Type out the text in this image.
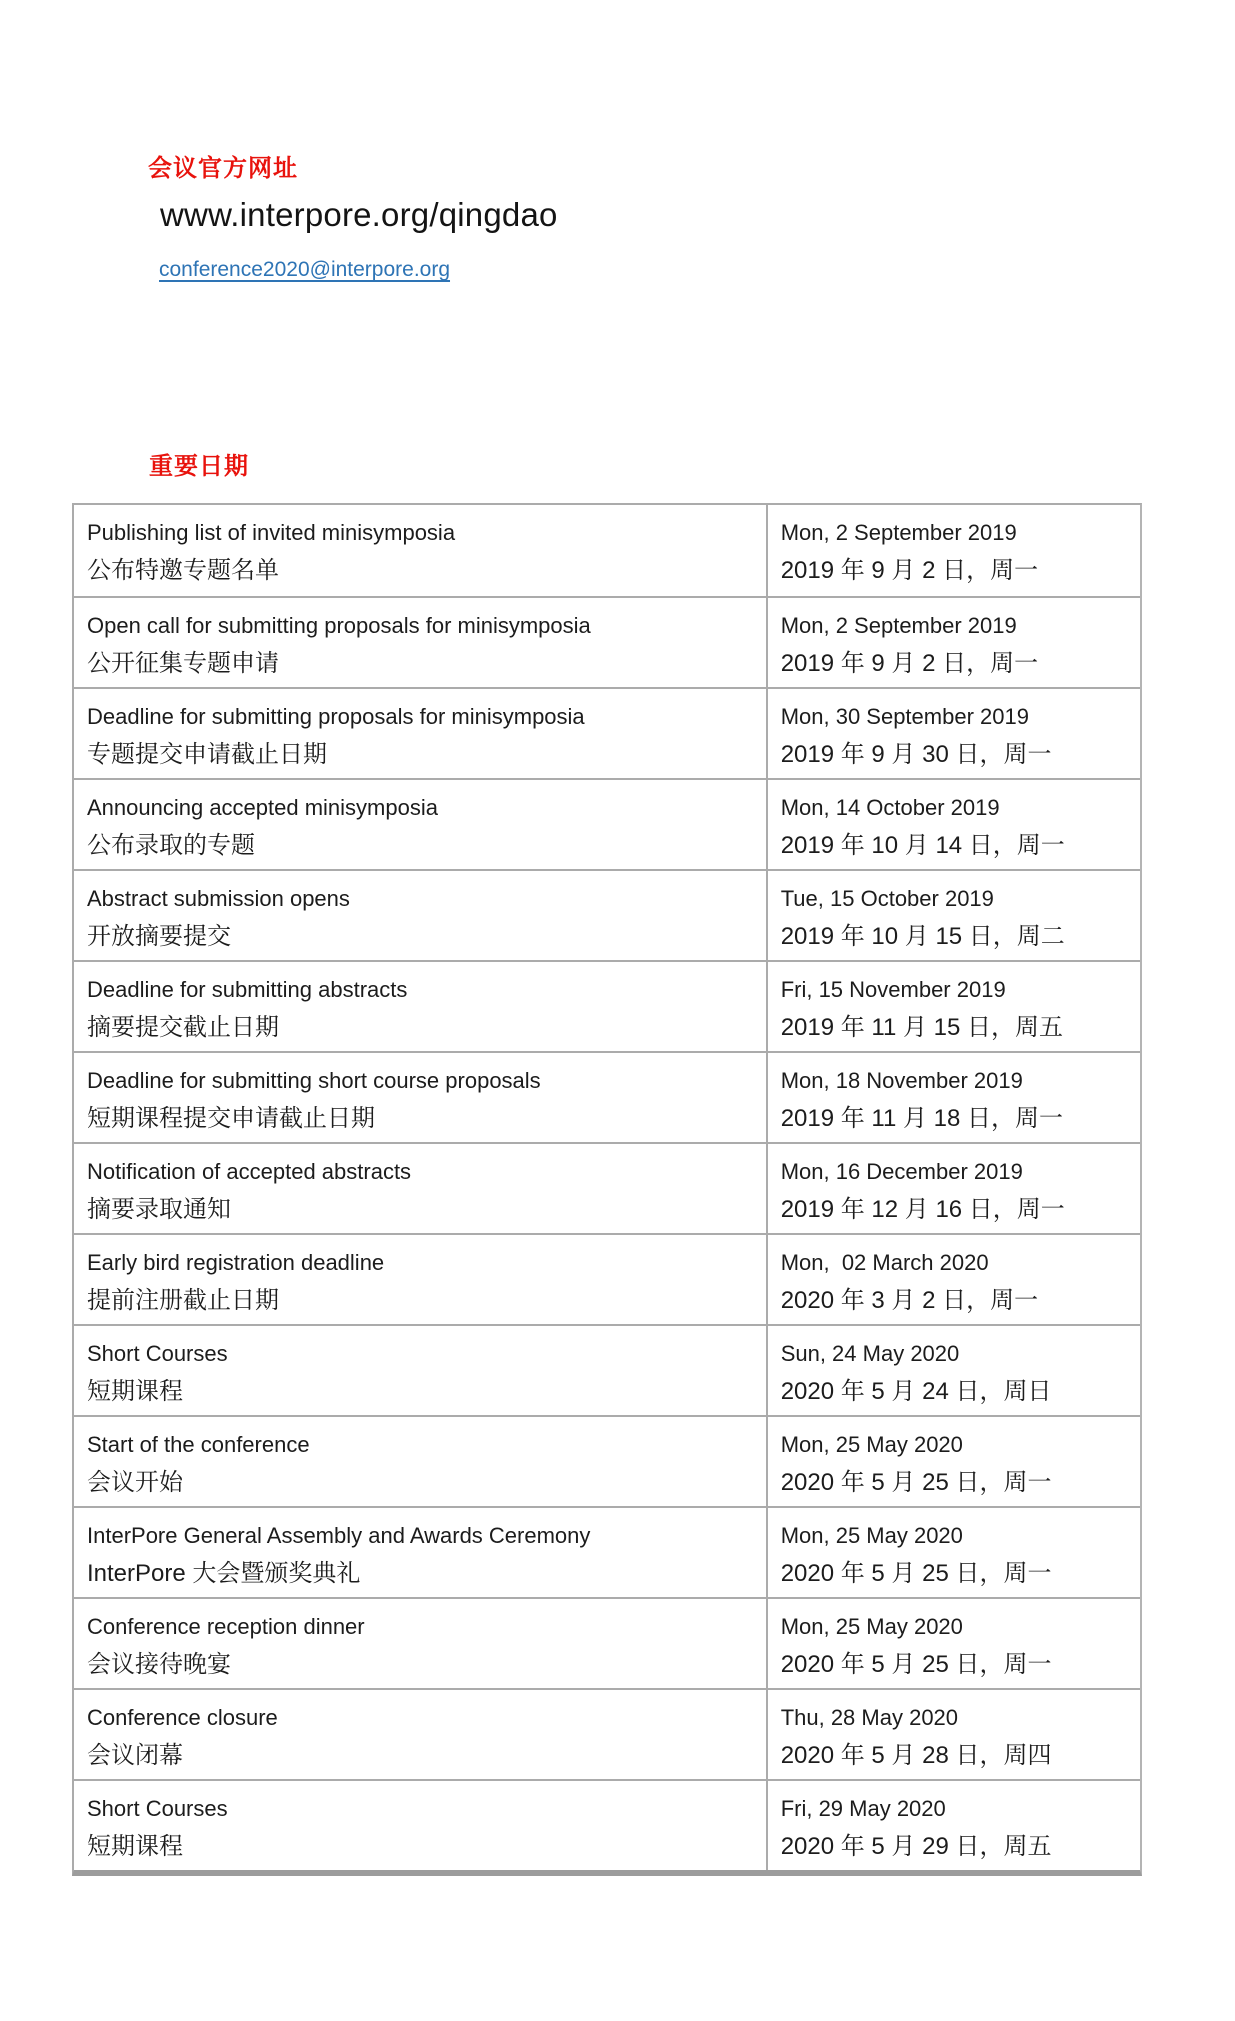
会议官方网址
www.interpore.org/qingdao
conference2020@interpore.org
重要日期
Publishing list of invited minisymposia
公布特邀专题名单
Mon, 2 September 2019
2019 年 9 月 2 日，周一
Open call for submitting proposals for minisymposia
公开征集专题申请
Mon, 2 September 2019
2019 年 9 月 2 日，周一
Deadline for submitting proposals for minisymposia
专题提交申请截止日期
Mon, 30 September 2019
2019 年 9 月 30 日，周一
Announcing accepted minisymposia
公布录取的专题
Mon, 14 October 2019
2019 年 10 月 14 日，周一
Abstract submission opens
开放摘要提交
Tue, 15 October 2019
2019 年 10 月 15 日，周二
Deadline for submitting abstracts
摘要提交截止日期
Fri, 15 November 2019
2019 年 11 月 15 日，周五
Deadline for submitting short course proposals
短期课程提交申请截止日期
Mon, 18 November 2019
2019 年 11 月 18 日，周一
Notification of accepted abstracts
摘要录取通知
Mon, 16 December 2019
2019 年 12 月 16 日，周一
Early bird registration deadline
提前注册截止日期
Mon,  02 March 2020
2020 年 3 月 2 日，周一
Short Courses
短期课程
Sun, 24 May 2020
2020 年 5 月 24 日，周日
Start of the conference
会议开始
Mon, 25 May 2020
2020 年 5 月 25 日，周一
InterPore General Assembly and Awards Ceremony
InterPore 大会暨颁奖典礼
Mon, 25 May 2020
2020 年 5 月 25 日，周一
Conference reception dinner
会议接待晚宴
Mon, 25 May 2020
2020 年 5 月 25 日，周一
Conference closure
会议闭幕
Thu, 28 May 2020
2020 年 5 月 28 日，周四
Short Courses
短期课程
Fri, 29 May 2020
2020 年 5 月 29 日，周五
